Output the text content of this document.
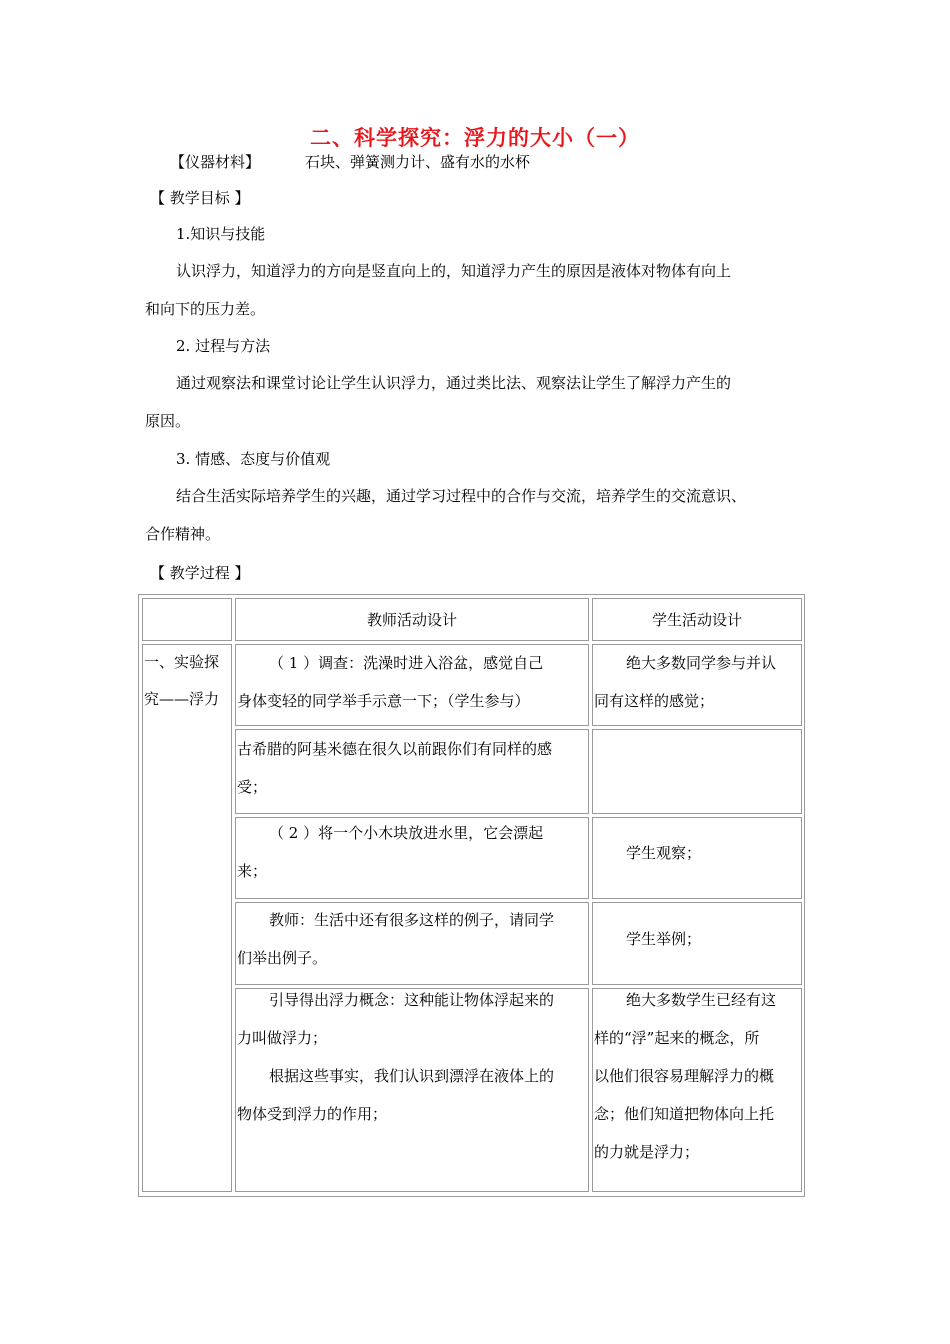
二、科学探究：浮力的大小（一）
【仪器材料】	石块、弹簧测力计、盛有水的水杯
【 教学目标 】
1.知识与技能
认识浮力，知道浮力的方向是竖直向上的，知道浮力产生的原因是液体对物体有向上
和向下的压力差。
2. 过程与方法
通过观察法和课堂讨论让学生认识浮力，通过类比法、观察法让学生了解浮力产生的
原因。
3. 情感、态度与价值观
结合生活实际培养学生的兴趣，通过学习过程中的合作与交流，培养学生的交流意识、
合作精神。
【 教学过程 】
教师活动设计	学生活动设计
一、实验探
究——浮力
（ 1 ）调查：洗澡时进入浴盆，感觉自己
身体变轻的同学举手示意一下；（学生参与）
绝大多数同学参与并认
同有这样的感觉；
古希腊的阿基米德在很久以前跟你们有同样的感
受；
（ 2 ）将一个小木块放进水里，它会漂起
来；
学生观察；
教师：生活中还有很多这样的例子，请同学
们举出例子。
学生举例；
引导得出浮力概念：这种能让物体浮起来的
力叫做浮力；
根据这些事实，我们认识到漂浮在液体上的
物体受到浮力的作用；
绝大多数学生已经有这
样的“浮”起来的概念，所
以他们很容易理解浮力的概
念；他们知道把物体向上托
的力就是浮力；
